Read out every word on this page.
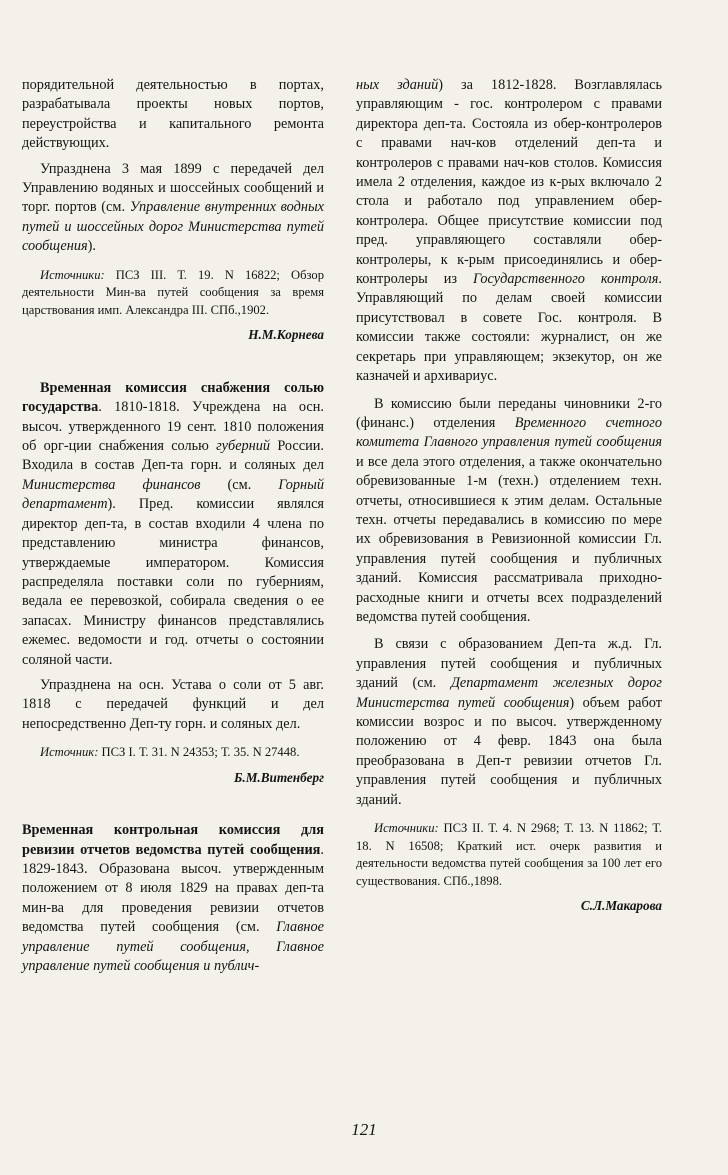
порядительной деятельностью в портах, разрабатывала проекты новых портов, переустройства и капитального ремонта действующих.

Упразднена 3 мая 1899 с передачей дел Управлению водяных и шоссейных сообщений и торг. портов (см. Управление внутренних водных путей и шоссейных дорог Министерства путей сообщения).

Источники: ПСЗ III. Т. 19. N 16822; Обзор деятельности Мин-ва путей сообщения за время царствования имп. Александра III. СПб.,1902.

Н.М.Корнева

Временная комиссия снабжения солью государства. 1810-1818. Учреждена на осн. высоч. утвержденного 19 сент. 1810 положения об орг-ции снабжения солью губерний России. Входила в состав Деп-та горн. и соляных дел Министерства финансов (см. Горный департамент). Пред. комиссии являлся директор деп-та, в состав входили 4 члена по представлению министра финансов, утверждаемые императором. Комиссия распределяла поставки соли по губерниям, ведала ее перевозкой, собирала сведения о ее запасах. Министру финансов представлялись ежемес. ведомости и год. отчеты о состоянии соляной части.

Упразднена на осн. Устава о соли от 5 авг. 1818 с передачей функций и дел непосредственно Деп-ту горн. и соляных дел.

Источник: ПСЗ I. Т. 31. N 24353; Т. 35. N 27448.

Б.М.Витенберг

Временная контрольная комиссия для ревизии отчетов ведомства путей сообщения. 1829-1843. Образована высоч. утвержденным положением от 8 июля 1829 на правах деп-та мин-ва для проведения ревизии отчетов ведомства путей сообщения (см. Главное управление путей сообщения, Главное управление путей сообщения и публич-

ных зданий) за 1812-1828. Возглавлялась управляющим - гос. контролером с правами директора деп-та. Состояла из обер-контролеров с правами нач-ков отделений деп-та и контролеров с правами нач-ков столов. Комиссия имела 2 отделения, каждое из к-рых включало 2 стола и работало под управлением обер-контролера. Общее присутствие комиссии под пред. управляющего составляли обер-контролеры, к к-рым присоединялись и обер-контролеры из Государственного контроля. Управляющий по делам своей комиссии присутствовал в совете Гос. контроля. В комиссии также состояли: журналист, он же секретарь при управляющем; экзекутор, он же казначей и архивариус.

В комиссию были переданы чиновники 2-го (финанс.) отделения Временного счетного комитета Главного управления путей сообщения и все дела этого отделения, а также окончательно обревизованные 1-м (техн.) отделением техн. отчеты, относившиеся к этим делам. Остальные техн. отчеты передавались в комиссию по мере их обревизования в Ревизионной комиссии Гл. управления путей сообщения и публичных зданий. Комиссия рассматривала приходно-расходные книги и отчеты всех подразделений ведомства путей сообщения.

В связи с образованием Деп-та ж.д. Гл. управления путей сообщения и публичных зданий (см. Департамент железных дорог Министерства путей сообщения) объем работ комиссии возрос и по высоч. утвержденному положению от 4 февр. 1843 она была преобразована в Деп-т ревизии отчетов Гл. управления путей сообщения и публичных зданий.

Источники: ПСЗ II. Т. 4. N 2968; Т. 13. N 11862; Т. 18. N 16508; Краткий ист. очерк развития и деятельности ведомства путей сообщения за 100 лет его существования. СПб.,1898.

С.Л.Макарова

121
